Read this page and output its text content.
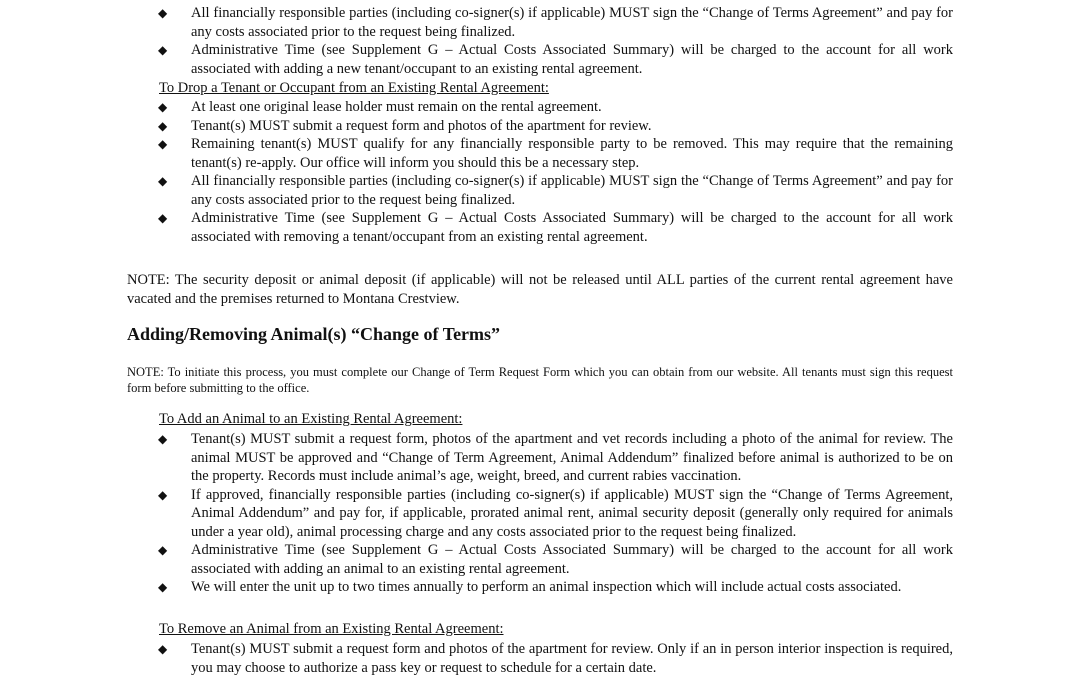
◆ All financially responsible parties (including co-signer(s) if applicable) MUST sign the “Change of Terms Agreement” and pay for any costs associated prior to the request being finalized.
◆ Administrative Time (see Supplement G – Actual Costs Associated Summary) will be charged to the account for all work associated with adding a new tenant/occupant to an existing rental agreement.
To Drop a Tenant or Occupant from an Existing Rental Agreement:
◆ At least one original lease holder must remain on the rental agreement.
◆ Tenant(s) MUST submit a request form and photos of the apartment for review.
◆ Remaining tenant(s) MUST qualify for any financially responsible party to be removed. This may require that the remaining tenant(s) re-apply. Our office will inform you should this be a necessary step.
◆ All financially responsible parties (including co-signer(s) if applicable) MUST sign the “Change of Terms Agreement” and pay for any costs associated prior to the request being finalized.
◆ Administrative Time (see Supplement G – Actual Costs Associated Summary) will be charged to the account for all work associated with removing a tenant/occupant from an existing rental agreement.
NOTE: The security deposit or animal deposit (if applicable) will not be released until ALL parties of the current rental agreement have vacated and the premises returned to Montana Crestview.
Adding/Removing Animal(s) “Change of Terms”
NOTE: To initiate this process, you must complete our Change of Term Request Form which you can obtain from our website. All tenants must sign this request form before submitting to the office.
To Add an Animal to an Existing Rental Agreement:
◆ Tenant(s) MUST submit a request form, photos of the apartment and vet records including a photo of the animal for review. The animal MUST be approved and “Change of Term Agreement, Animal Addendum” finalized before animal is authorized to be on the property. Records must include animal’s age, weight, breed, and current rabies vaccination.
◆ If approved, financially responsible parties (including co-signer(s) if applicable) MUST sign the “Change of Terms Agreement, Animal Addendum” and pay for, if applicable, prorated animal rent, animal security deposit (generally only required for animals under a year old), animal processing charge and any costs associated prior to the request being finalized.
◆ Administrative Time (see Supplement G – Actual Costs Associated Summary) will be charged to the account for all work associated with adding an animal to an existing rental agreement.
◆ We will enter the unit up to two times annually to perform an animal inspection which will include actual costs associated.
To Remove an Animal from an Existing Rental Agreement:
◆ Tenant(s) MUST submit a request form and photos of the apartment for review. Only if an in person interior inspection is required, you may choose to authorize a pass key or request to schedule for a certain date.
